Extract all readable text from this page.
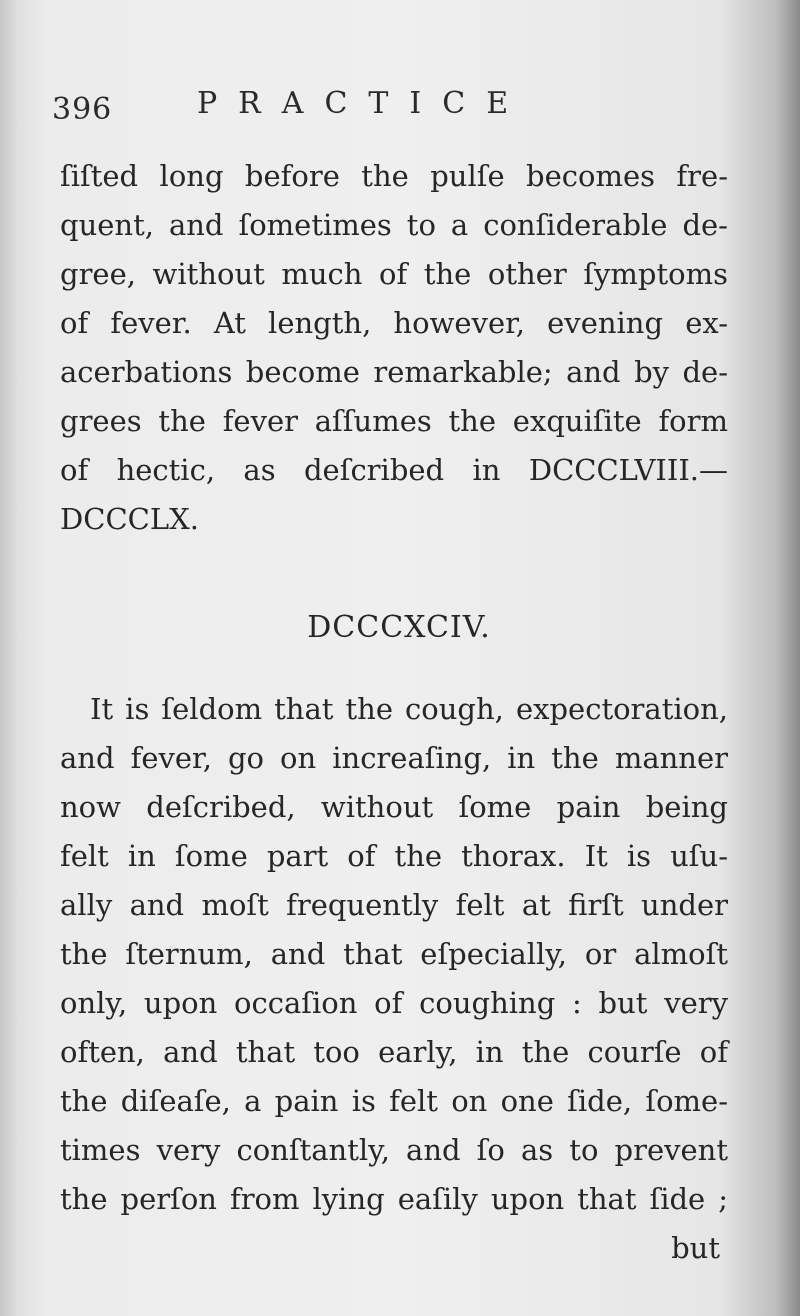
396	PRACTICE
ſiſted long before the pulſe becomes fre-
quent, and ſometimes to a conſiderable de-
gree, without much of the other ſymptoms
of fever. At length, however, evening ex-
acerbations become remarkable; and by de-
grees the fever aſſumes the exquiſite form
of hectic, as deſcribed in DCCCLVIII.—
DCCCLX.
DCCCXCIV.
It is ſeldom that the cough, expectoration,
and fever, go on increaſing, in the manner
now deſcribed, without ſome pain being
felt in ſome part of the thorax. It is uſu-
ally and moſt frequently felt at firſt under
the ſternum, and that eſpecially, or almoſt
only, upon occaſion of coughing : but very
often, and that too early, in the courſe of
the diſeaſe, a pain is felt on one ſide, ſome-
times very conſtantly, and ſo as to prevent
the perſon from lying eaſily upon that ſide ;
but
